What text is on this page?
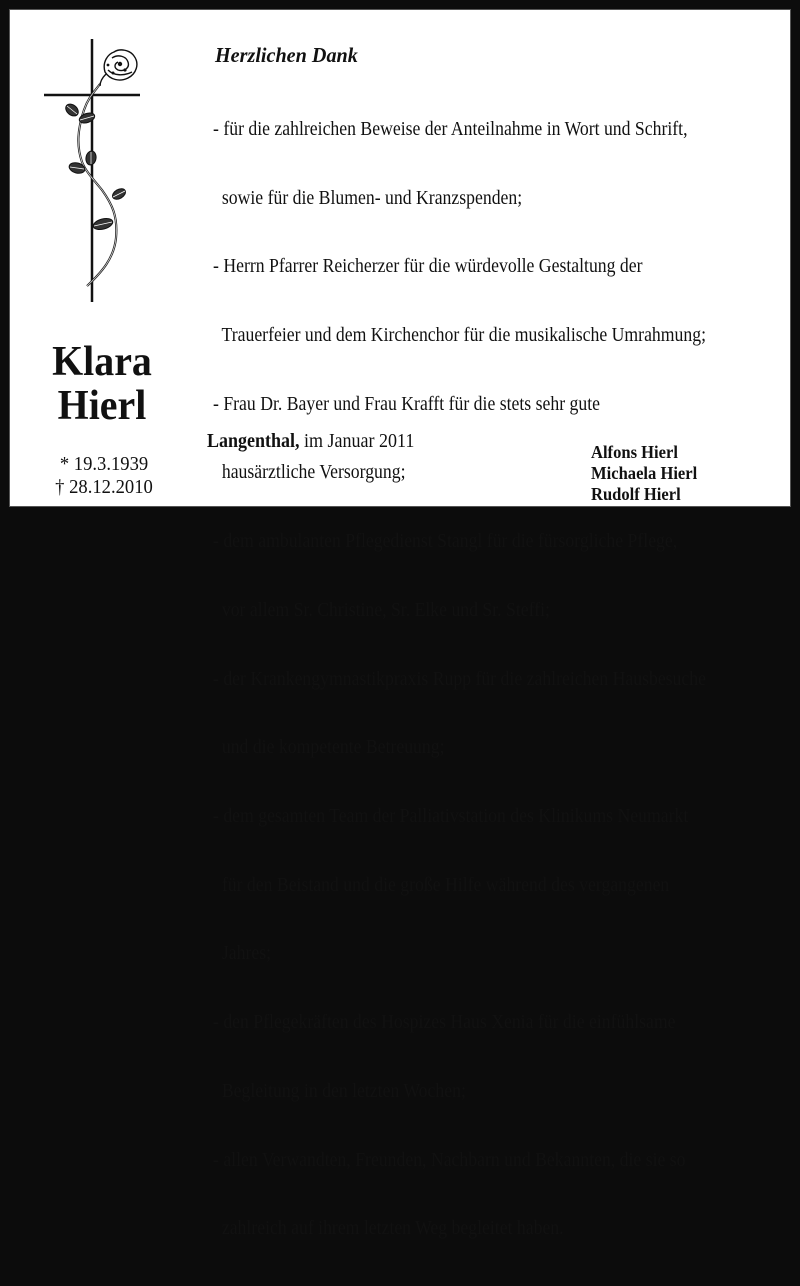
Klara
Hierl
* 19.3.1939
† 28.12.2010
Herzlichen Dank

- für die zahlreichen Beweise der Anteilnahme in Wort und Schrift,

sowie für die Blumen- und Kranzspenden;

- Herrn Pfarrer Reicherzer für die würdevolle Gestaltung der

Trauerfeier und dem Kirchenchor für die musikalische Umrahmung;

- Frau Dr. Bayer und Frau Krafft für die stets sehr gute

hausärztliche Versorgung;

- dem ambulanten Pflegedienst Stangl für die fürsorgliche Pflege,

vor allem Sr. Christine, Sr. Elke und Sr. Steffi;

- der Krankengymnastikpraxis Rupp für die zahlreichen Hausbesuche

und die kompetente Betreuung;

- dem gesamten Team der Palliativstation des Klinikums Neumarkt

für den Beistand und die große Hilfe während des vergangenen

Jahres;

- den Pflegekräften des Hospizes Haus Xenia für die einfühlsame

Begleitung in den letzten Wochen;

- allen Verwandten, Freunden, Nachbarn und Bekannten, die sie so

zahlreich auf ihrem letzten Weg begleitet haben.

Langenthal, im Januar 2011	Alfons Hierl
Michaela Hierl
Rudolf Hierl
